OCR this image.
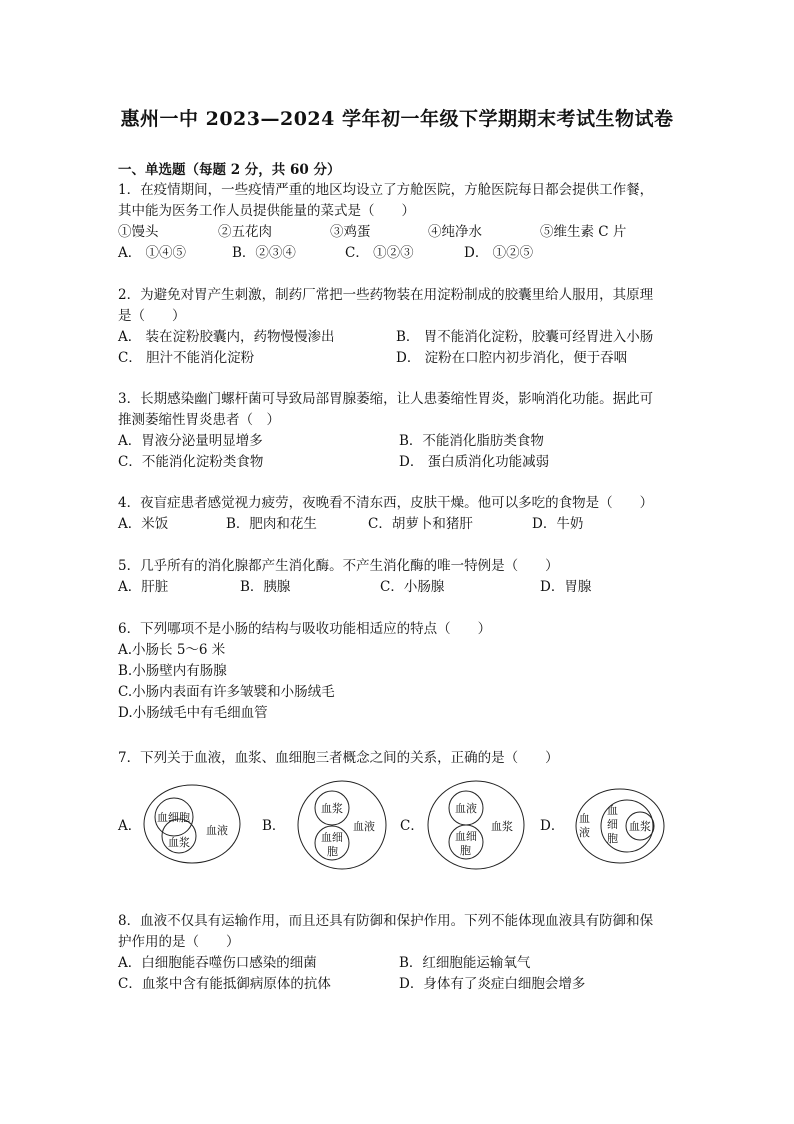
惠州一中 2023—2024 学年初一年级下学期期末考试生物试卷
一、单选题（每题 2 分，共 60 分）
1．在疫情期间，一些疫情严重的地区均设立了方舱医院，方舱医院每日都会提供工作餐，
其中能为医务工作人员提供能量的菜式是（　　）
①馒头	②五花肉	③鸡蛋	④纯净水	⑤维生素 C 片
A． ①④⑤	B．②③④	C． ①②③	D． ①②⑤
2．为避免对胃产生刺激，制药厂常把一些药物装在用淀粉制成的胶囊里给人服用，其原理
是（　　）
A． 装在淀粉胶囊内，药物慢慢渗出	B． 胃不能消化淀粉，胶囊可经胃进入小肠
C． 胆汁不能消化淀粉	D． 淀粉在口腔内初步消化，便于吞咽
3．长期感染幽门螺杆菌可导致局部胃腺萎缩，让人患萎缩性胃炎，影响消化功能。据此可
推测萎缩性胃炎患者（　）
A．胃液分泌量明显增多	B．不能消化脂肪类食物
C．不能消化淀粉类食物	D． 蛋白质消化功能减弱
4．夜盲症患者感觉视力疲劳，夜晚看不清东西，皮肤干燥。他可以多吃的食物是（　　）
A．米饭	B．肥肉和花生	C．胡萝卜和猪肝	D．牛奶
5．几乎所有的消化腺都产生消化酶。不产生消化酶的唯一特例是（　　）
A．肝脏	B．胰腺	C．小肠腺	D．胃腺
6．下列哪项不是小肠的结构与吸收功能相适应的特点（　　）
A.小肠长 5～6 米
B.小肠壁内有肠腺
C.小肠内表面有许多皱襞和小肠绒毛
D.小肠绒毛中有毛细血管
7．下列关于血液，血浆、血细胞三者概念之间的关系，正确的是（　　）
A．
血细胞
血浆
血液	B．
血浆
血细
胞
血液 C．
血液
血细
胞
血浆 D． 血
液
血
细
胞
血浆
8．血液不仅具有运输作用，而且还具有防御和保护作用。下列不能体现血液具有防御和保
护作用的是（　　）
A．白细胞能吞噬伤口感染的细菌	B．红细胞能运输氧气
C．血浆中含有能抵御病原体的抗体	D．身体有了炎症白细胞会增多
